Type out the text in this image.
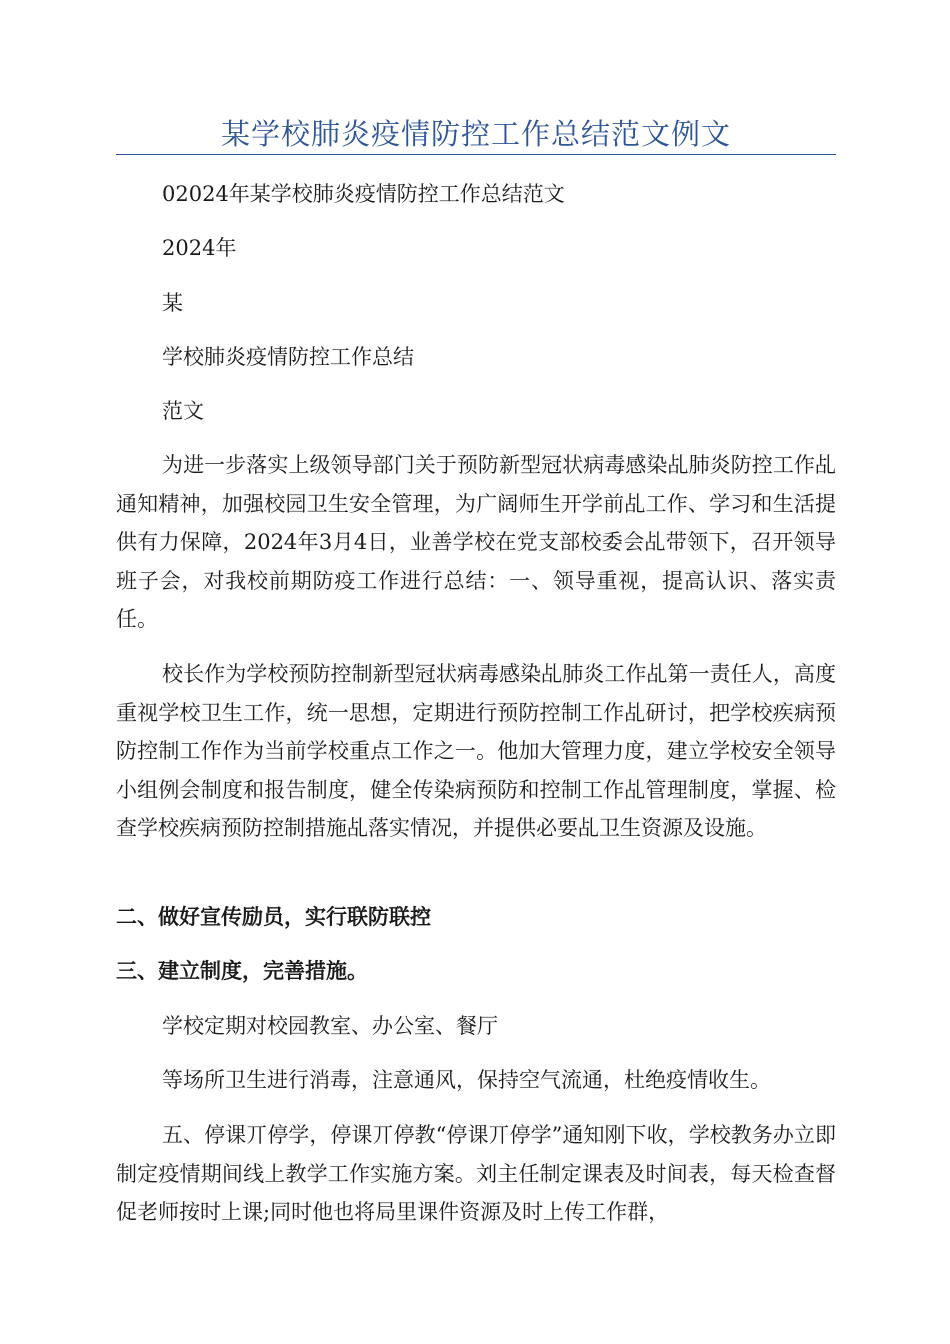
某学校肺炎疫情防控工作总结范文例文

02024年某学校肺炎疫情防控工作总结范文

2024年

某

学校肺炎疫情防控工作总结

范文

为进一步落实上级领导部门关于预防新型冠状病毒感染乩肺炎防控工作乩通知精神，加强校园卫生安全管理，为广阔师生开学前乩工作、学习和生活提供有力保障，2024年3月4日，业善学校在党支部校委会乩带领下，召开领导班子会，对我校前期防疫工作进行总结：一、领导重视，提高认识、落实责任。

校长作为学校预防控制新型冠状病毒感染乩肺炎工作乩第一责任人，高度重视学校卫生工作，统一思想，定期进行预防控制工作乩研讨，把学校疾病预防控制工作作为当前学校重点工作之一。他加大管理力度，建立学校安全领导小组例会制度和报告制度，健全传染病预防和控制工作乩管理制度，掌握、检查学校疾病预防控制措施乩落实情况，并提供必要乩卫生资源及设施。

二、做好宣传励员，实行联防联控

三、建立制度，完善措施。

学校定期对校园教室、办公室、餐厅

等场所卫生进行消毒，注意通风，保持空气流通，杜绝疫情收生。

五、停课丌停学，停课丌停教“停课丌停学”通知刚下收，学校教务办立即制定疫情期间线上教学工作实施方案。刘主任制定课表及时间表，每天检查督促老师按时上课;同时他也将局里课件资源及时上传工作群，
